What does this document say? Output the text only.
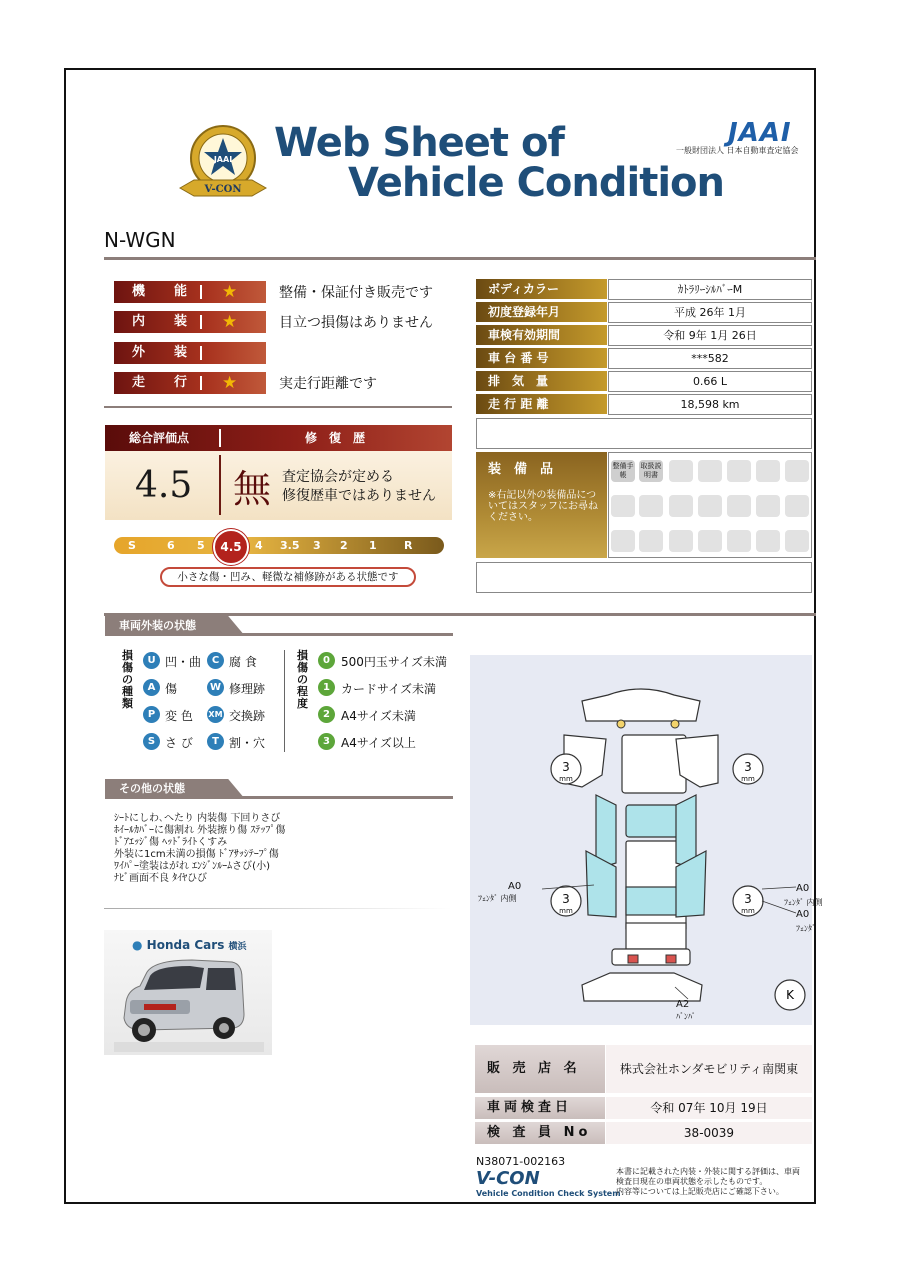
JAAI
V-CON
Web Sheet of
Vehicle Condition
JAAI
一般財団法人 日本自動車査定協会
N-WGN
機　能 ★	整備・保証付き販売です
内　装 ★	目立つ損傷はありません
外　装
走　行 ★	実走行距離です
ボディカラー	ｶﾄﾗﾘｰｼﾙﾊﾞｰM
初度登録年月	平成 26年 1月
車検有効期間	令和 9年 1月 26日
車 台 番 号	***582
排　気　量	0.66 L
走 行 距 離	18,598 km
装　備　品
※右記以外の装備品についてはスタッフにお尋ねください。
整備手帳
取扱説明書
総合評価点	修　復　歴
4.5 無 査定協会が定める
修復歴車ではありません
S	6 5	4 3.5 3 2 1 R
4.5
小さな傷・凹み、軽微な補修跡がある状態です
車両外装の状態
損傷の種類
U 凹・曲	C 腐 食
A 傷	W 修理跡
P 変 色 XM 交換跡
S さ び	T 割・穴
損傷の程度
0 500円玉サイズ未満
1 カードサイズ未満
2 A4サイズ未満
3 A4サイズ以上
その他の状態
ｼｰﾄにしわ､へたり 内装傷 下回りさび
ﾎｲｰﾙｶﾊﾞｰに傷割れ 外装擦り傷 ｽﾃｯﾌﾟ傷
ﾄﾞｱｴｯｼﾞ傷 ﾍｯﾄﾞﾗｲﾄくすみ
外装に1cm未満の損傷 ﾄﾞｱｻｯｼﾃｰﾌﾟ傷
ﾜｲﾊﾟｰ塗装はがれ ｴﾝｼﾞﾝﾙｰﾑさび(小)
ﾅﾋﾞ画面不良 ﾀｲﾔひび
● Honda Cars 横浜
3	3
3	3
mm	mm
mm	mm
K
A0
ﾌｪﾝﾀﾞ 内側
A0
ﾌｪﾝﾀﾞ 内側
A0
ﾌｪﾝﾀﾞ
A2
ﾊﾞﾝﾊﾟ
販 売 店 名	株式会社ホンダモビリティ南関東
車両検査日	令和 07年 10月 19日
検 査 員 No	38-0039
N38071-002163
V-CON
Vehicle Condition Check System
本書に記載された内装・外装に関する評価は、車両
検査日現在の車両状態を示したものです。
内容等については上記販売店にご確認下さい。
